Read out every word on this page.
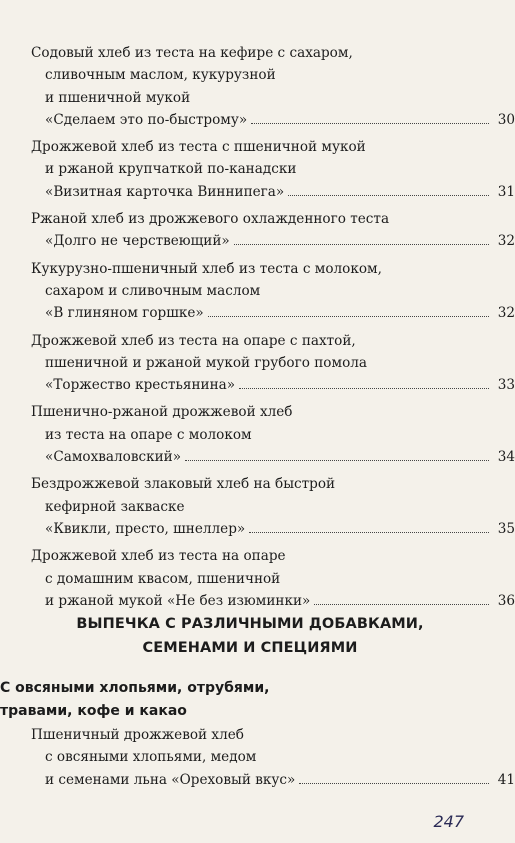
Содовый хлеб из теста на кефире с сахаром,
сливочным маслом, кукурузной
и пшеничной мукой
«Сделаем это по-быстрому»	30
Дрожжевой хлеб из теста с пшеничной мукой
и ржаной крупчаткой по-канадски
«Визитная карточка Виннипега»	31
Ржаной хлеб из дрожжевого охлажденного теста
«Долго не черствеющий»	32
Кукурузно-пшеничный хлеб из теста с молоком,
сахаром и сливочным маслом
«В глиняном горшке»	32
Дрожжевой хлеб из теста на опаре с пахтой,
пшеничной и ржаной мукой грубого помола
«Торжество крестьянина»	33
Пшенично-ржаной дрожжевой хлеб
из теста на опаре с молоком
«Самохваловский»	34
Бездрожжевой злаковый хлеб на быстрой
кефирной закваске
«Квикли, престо, шнеллер»	35
Дрожжевой хлеб из теста на опаре
с домашним квасом, пшеничной
и ржаной мукой «Не без изюминки»	36
ВЫПЕЧКА С РАЗЛИЧНЫМИ ДОБАВКАМИ,
СЕМЕНАМИ И СПЕЦИЯМИ
С овсяными хлопьями, отрубями,
травами, кофе и какао
Пшеничный дрожжевой хлеб
с овсяными хлопьями, медом
и семенами льна «Ореховый вкус»	41
247
